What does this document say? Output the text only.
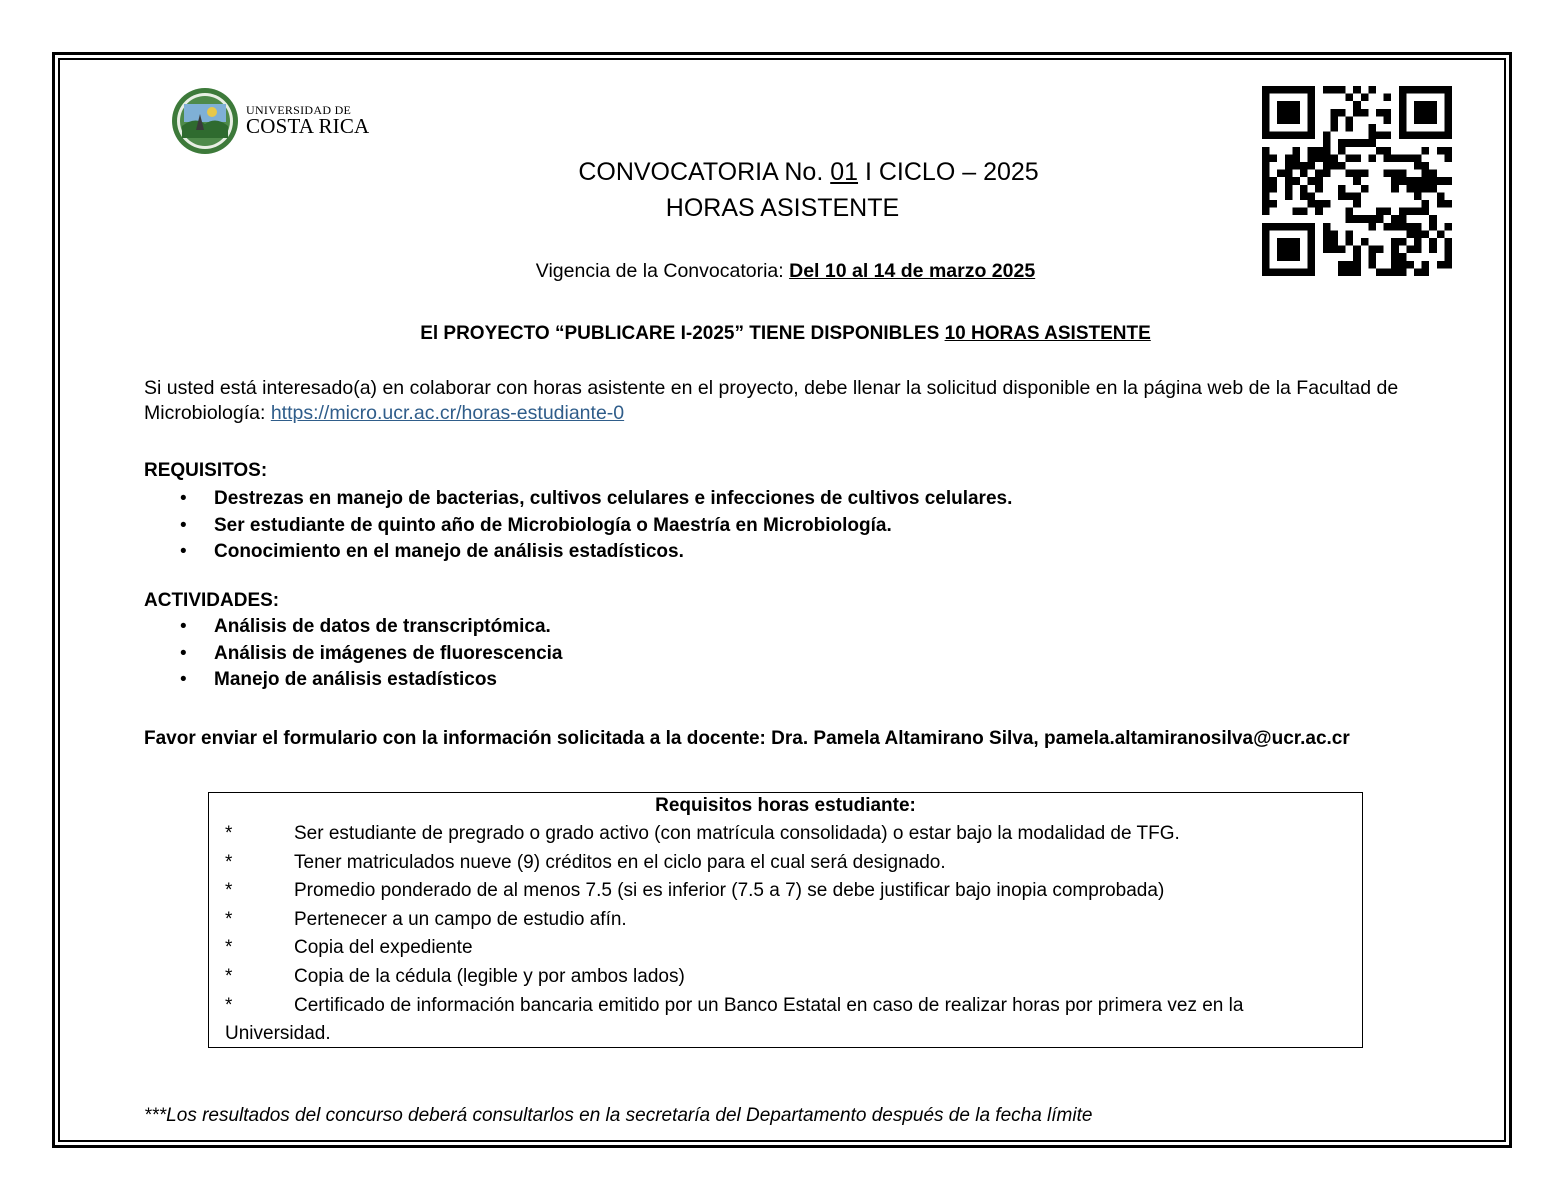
UNIVERSIDAD DE
COSTA RICA
CONVOCATORIA No. 01 I CICLO – 2025
HORAS ASISTENTE
Vigencia de la Convocatoria: Del 10 al 14 de marzo 2025
El PROYECTO “PUBLICARE I-2025” TIENE DISPONIBLES 10 HORAS ASISTENTE
Si usted está interesado(a) en colaborar con horas asistente en el proyecto, debe llenar la solicitud disponible en la página web de la Facultad de Microbiología: https://micro.ucr.ac.cr/horas-estudiante-0
REQUISITOS:
• Destrezas en manejo de bacterias, cultivos celulares e infecciones de cultivos celulares.
• Ser estudiante de quinto año de Microbiología o Maestría en Microbiología.
• Conocimiento en el manejo de análisis estadísticos.
ACTIVIDADES:
• Análisis de datos de transcriptómica.
• Análisis de imágenes de fluorescencia
• Manejo de análisis estadísticos
Favor enviar el formulario con la información solicitada a la docente: Dra. Pamela Altamirano Silva, pamela.altamiranosilva@ucr.ac.cr
Requisitos horas estudiante:
*	Ser estudiante de pregrado o grado activo (con matrícula consolidada) o estar bajo la modalidad de TFG.
*	Tener matriculados nueve (9) créditos en el ciclo para el cual será designado.
*	Promedio ponderado de al menos 7.5 (si es inferior (7.5 a 7) se debe justificar bajo inopia comprobada)
*	Pertenecer a un campo de estudio afín.
*	Copia del expediente
*	Copia de la cédula (legible y por ambos lados)
*	Certificado de información bancaria emitido por un Banco Estatal en caso de realizar horas por primera vez en la Universidad.
***Los resultados del concurso deberá consultarlos en la secretaría del Departamento después de la fecha límite
